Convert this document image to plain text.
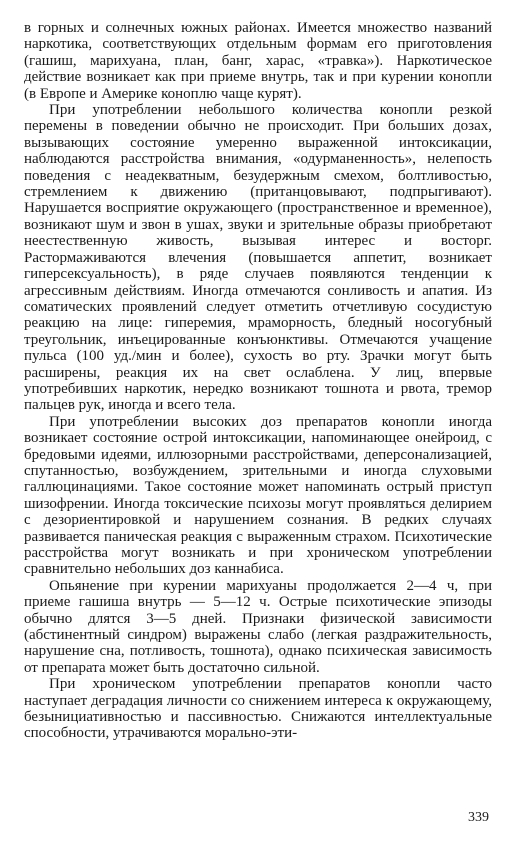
в горных и солнечных южных районах. Имеется множество названий наркотика, соответствующих отдельным формам его приготовления (гашиш, марихуана, план, банг, харас, «травка»). Наркотическое действие возникает как при приеме внутрь, так и при курении конопли (в Европе и Америке коноплю чаще курят).

При употреблении небольшого количества конопли резкой перемены в поведении обычно не происходит. При больших дозах, вызывающих состояние умеренно выраженной интоксикации, наблюдаются расстройства внимания, «одурманенность», нелепость поведения с неадекватным, безудержным смехом, болтливостью, стремлением к движению (пританцовывают, подпрыгивают). Нарушается восприятие окружающего (пространственное и временное), возникают шум и звон в ушах, звуки и зрительные образы приобретают неестественную живость, вызывая интерес и восторг. Растормаживаются влечения (повышается аппетит, возникает гиперсексуальность), в ряде случаев появляются тенденции к агрессивным действиям. Иногда отмечаются сонливость и апатия. Из соматических проявлений следует отметить отчетливую сосудистую реакцию на лице: гиперемия, мраморность, бледный носогубный треугольник, инъецированные конъюнктивы. Отмечаются учащение пульса (100 уд./мин и более), сухость во рту. Зрачки могут быть расширены, реакция их на свет ослаблена. У лиц, впервые употребивших наркотик, нередко возникают тошнота и рвота, тремор пальцев рук, иногда и всего тела.

При употреблении высоких доз препаратов конопли иногда возникает состояние острой интоксикации, напоминающее онейроид, с бредовыми идеями, иллюзорными расстройствами, деперсонализацией, спутанностью, возбуждением, зрительными и иногда слуховыми галлюцинациями. Такое состояние может напоминать острый приступ шизофрении. Иногда токсические психозы могут проявляться делирием с дезориентировкой и нарушением сознания. В редких случаях развивается паническая реакция с выраженным страхом. Психотические расстройства могут возникать и при хроническом употреблении сравнительно небольших доз каннабиса.

Опьянение при курении марихуаны продолжается 2—4 ч, при приеме гашиша внутрь — 5—12 ч. Острые психотические эпизоды обычно длятся 3—5 дней. Признаки физической зависимости (абстинентный синдром) выражены слабо (легкая раздражительность, нарушение сна, потливость, тошнота), однако психическая зависимость от препарата может быть достаточно сильной.

При хроническом употреблении препаратов конопли часто наступает деградация личности со снижением интереса к окружающему, безынициативностью и пассивностью. Снижаются интеллектуальные способности, утрачиваются морально-эти-

339
